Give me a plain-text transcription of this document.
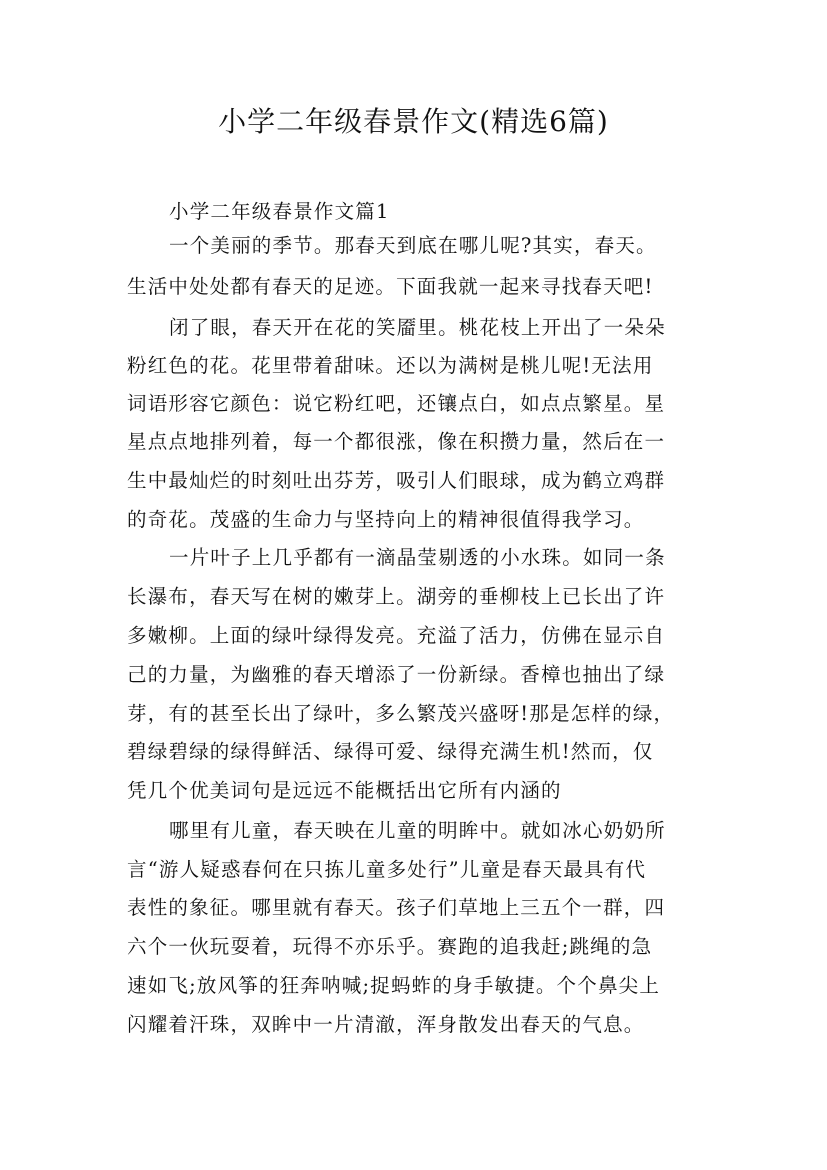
小学二年级春景作文(精选6篇)
小学二年级春景作文篇1
一个美丽的季节。那春天到底在哪儿呢?其实，春天。
生活中处处都有春天的足迹。下面我就一起来寻找春天吧!
闭了眼，春天开在花的笑靥里。桃花枝上开出了一朵朵
粉红色的花。花里带着甜味。还以为满树是桃儿呢!无法用
词语形容它颜色：说它粉红吧，还镶点白，如点点繁星。星
星点点地排列着，每一个都很涨，像在积攒力量，然后在一
生中最灿烂的时刻吐出芬芳，吸引人们眼球，成为鹤立鸡群
的奇花。茂盛的生命力与坚持向上的精神很值得我学习。
一片叶子上几乎都有一滴晶莹剔透的小水珠。如同一条
长瀑布，春天写在树的嫩芽上。湖旁的垂柳枝上已长出了许
多嫩柳。上面的绿叶绿得发亮。充溢了活力，仿佛在显示自
己的力量，为幽雅的春天增添了一份新绿。香樟也抽出了绿
芽，有的甚至长出了绿叶，多么繁茂兴盛呀!那是怎样的绿，
碧绿碧绿的绿得鲜活、绿得可爱、绿得充满生机!然而，仅
凭几个优美词句是远远不能概括出它所有内涵的
哪里有儿童，春天映在儿童的明眸中。就如冰心奶奶所
言“游人疑惑春何在只拣儿童多处行”儿童是春天最具有代
表性的象征。哪里就有春天。孩子们草地上三五个一群，四
六个一伙玩耍着，玩得不亦乐乎。赛跑的追我赶;跳绳的急
速如飞;放风筝的狂奔呐喊;捉蚂蚱的身手敏捷。个个鼻尖上
闪耀着汗珠，双眸中一片清澈，浑身散发出春天的气息。
